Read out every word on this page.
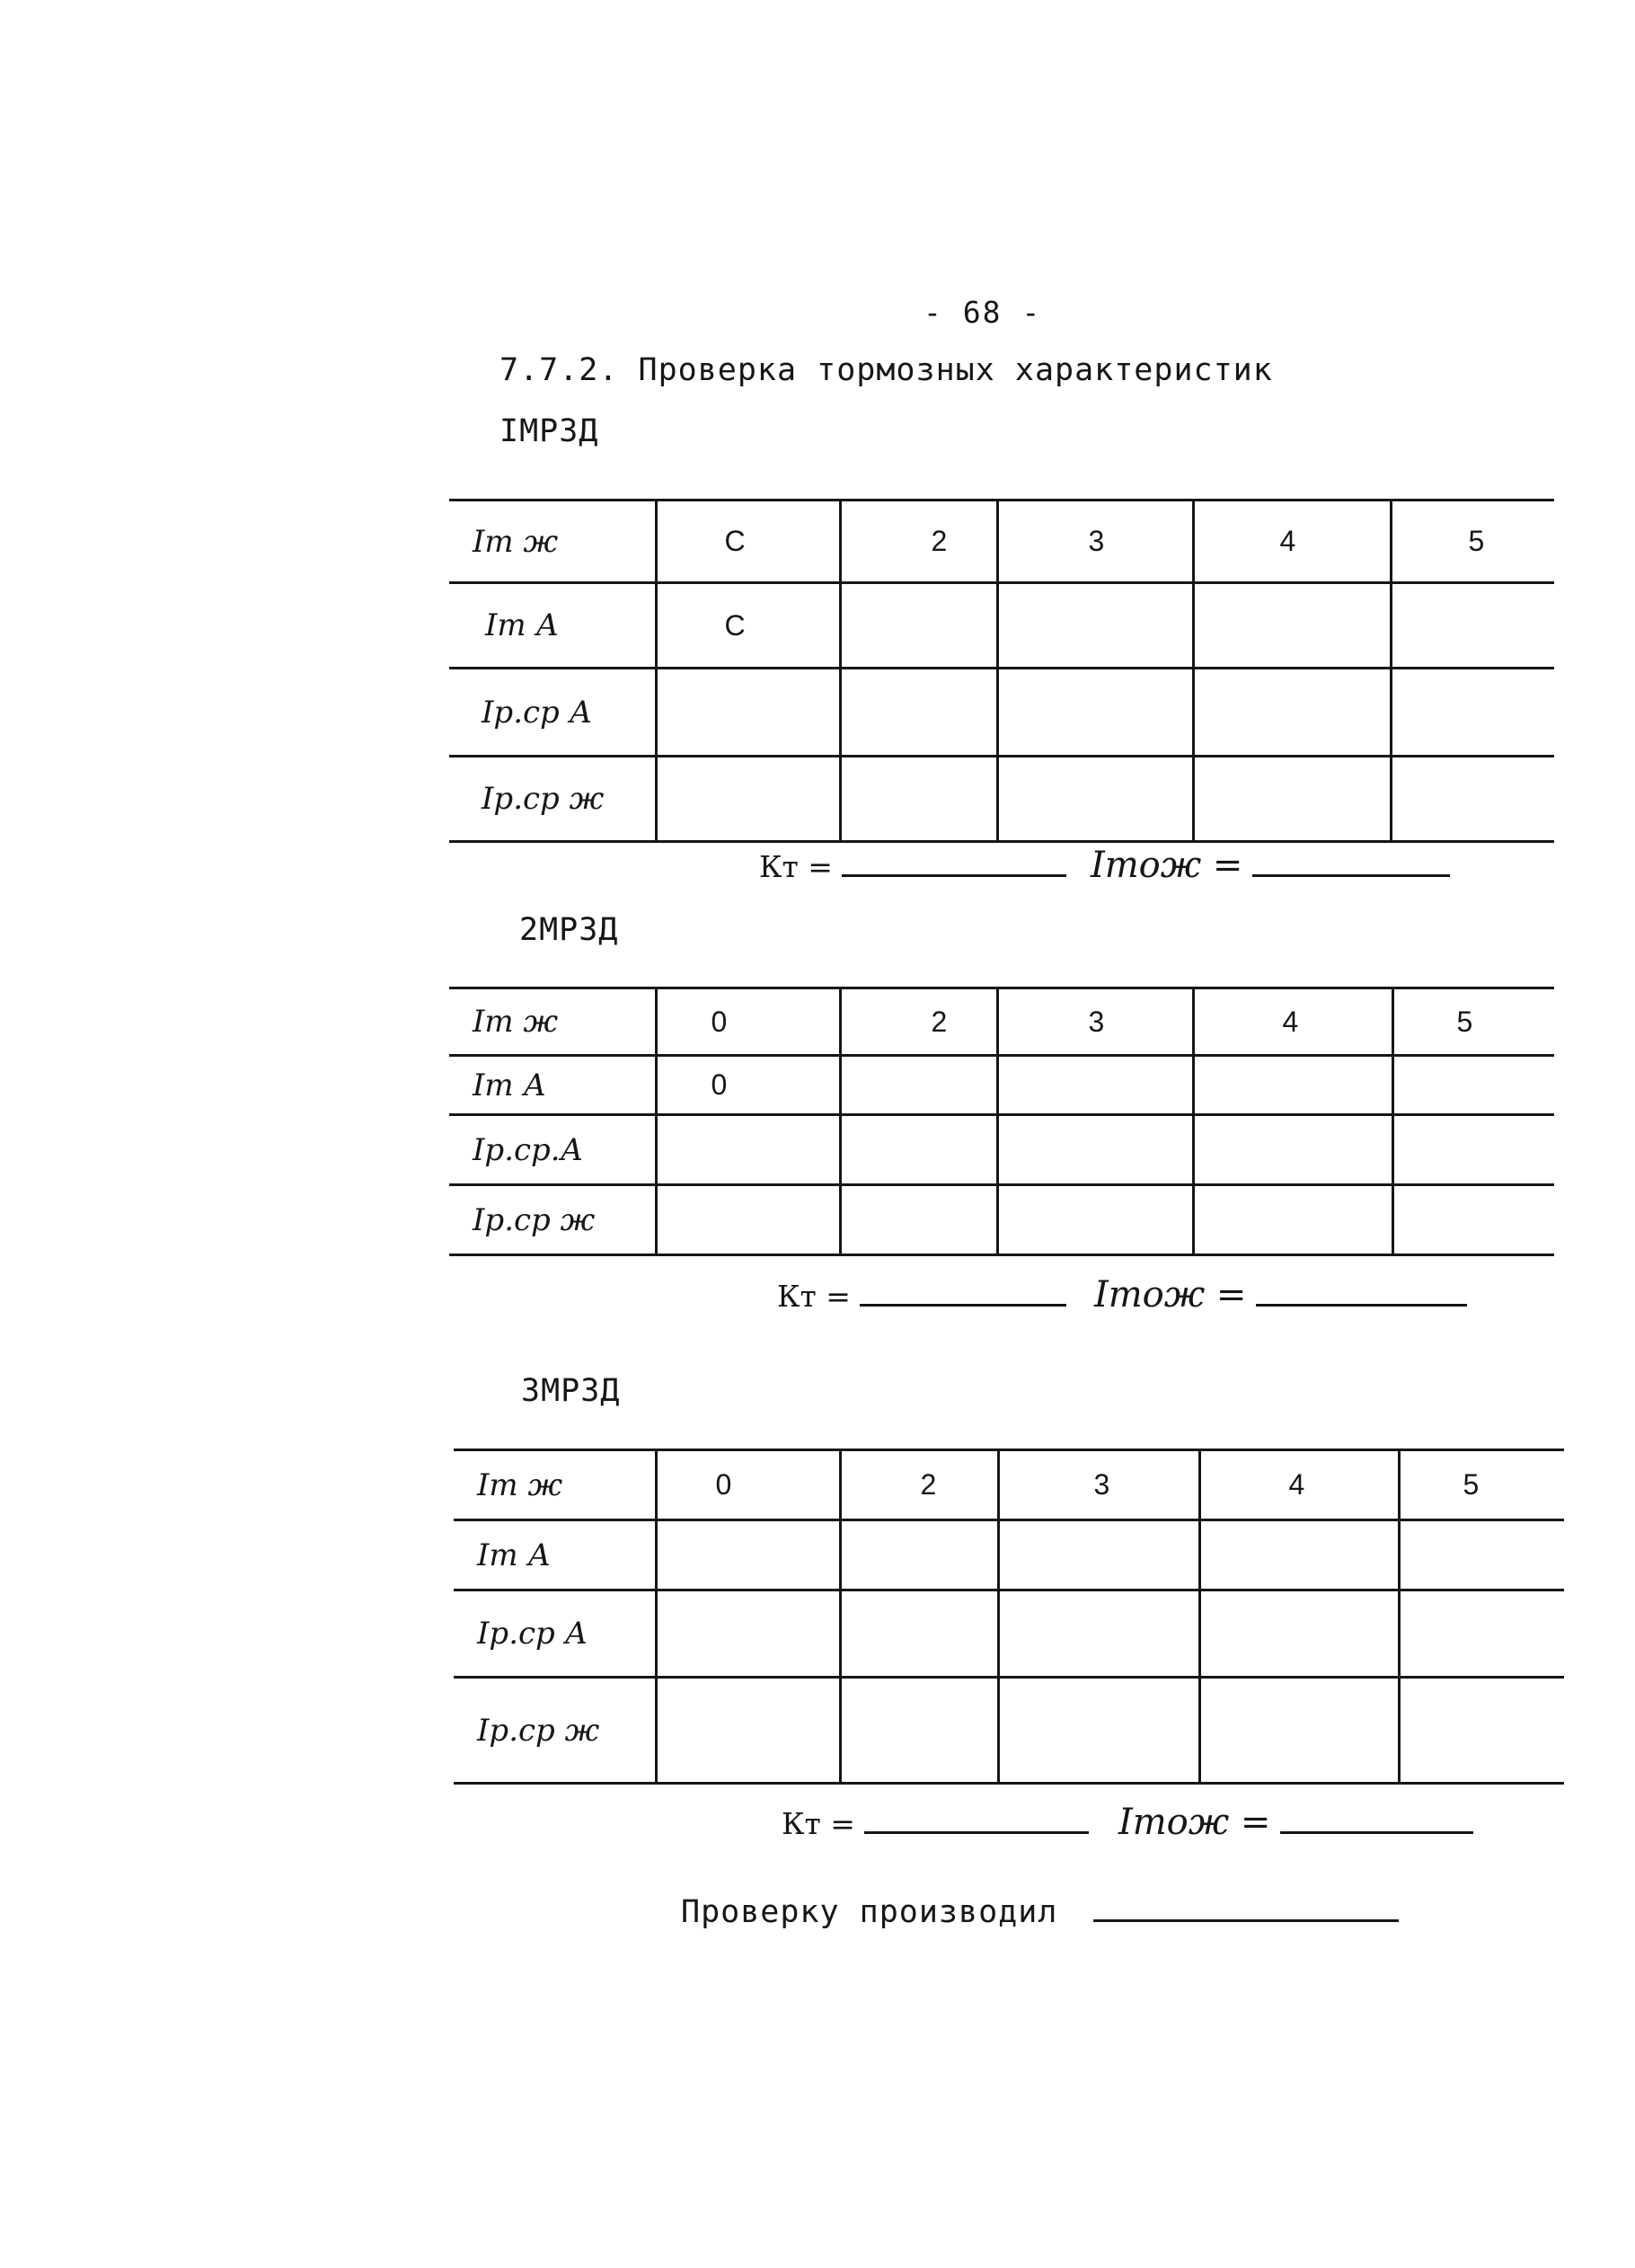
- 68 -
7.7.2. Проверка тормозных характеристик
IМРЗД
Iт ж	С	2	3	4	5
Iт А	С				
Iр.ср А					
Iр.ср ж					
Кт =	Iтож =
2МРЗД
Iт ж	0	2	3	4	5
Iт А	0				
Iр.ср.А					
Iр.ср ж					
Кт =	Iтож =
3МРЗД
Iт ж	0	2	3	4	5
Iт А					
Iр.ср А					
Iр.ср ж					
Кт =	Iтож =
Проверку производил
